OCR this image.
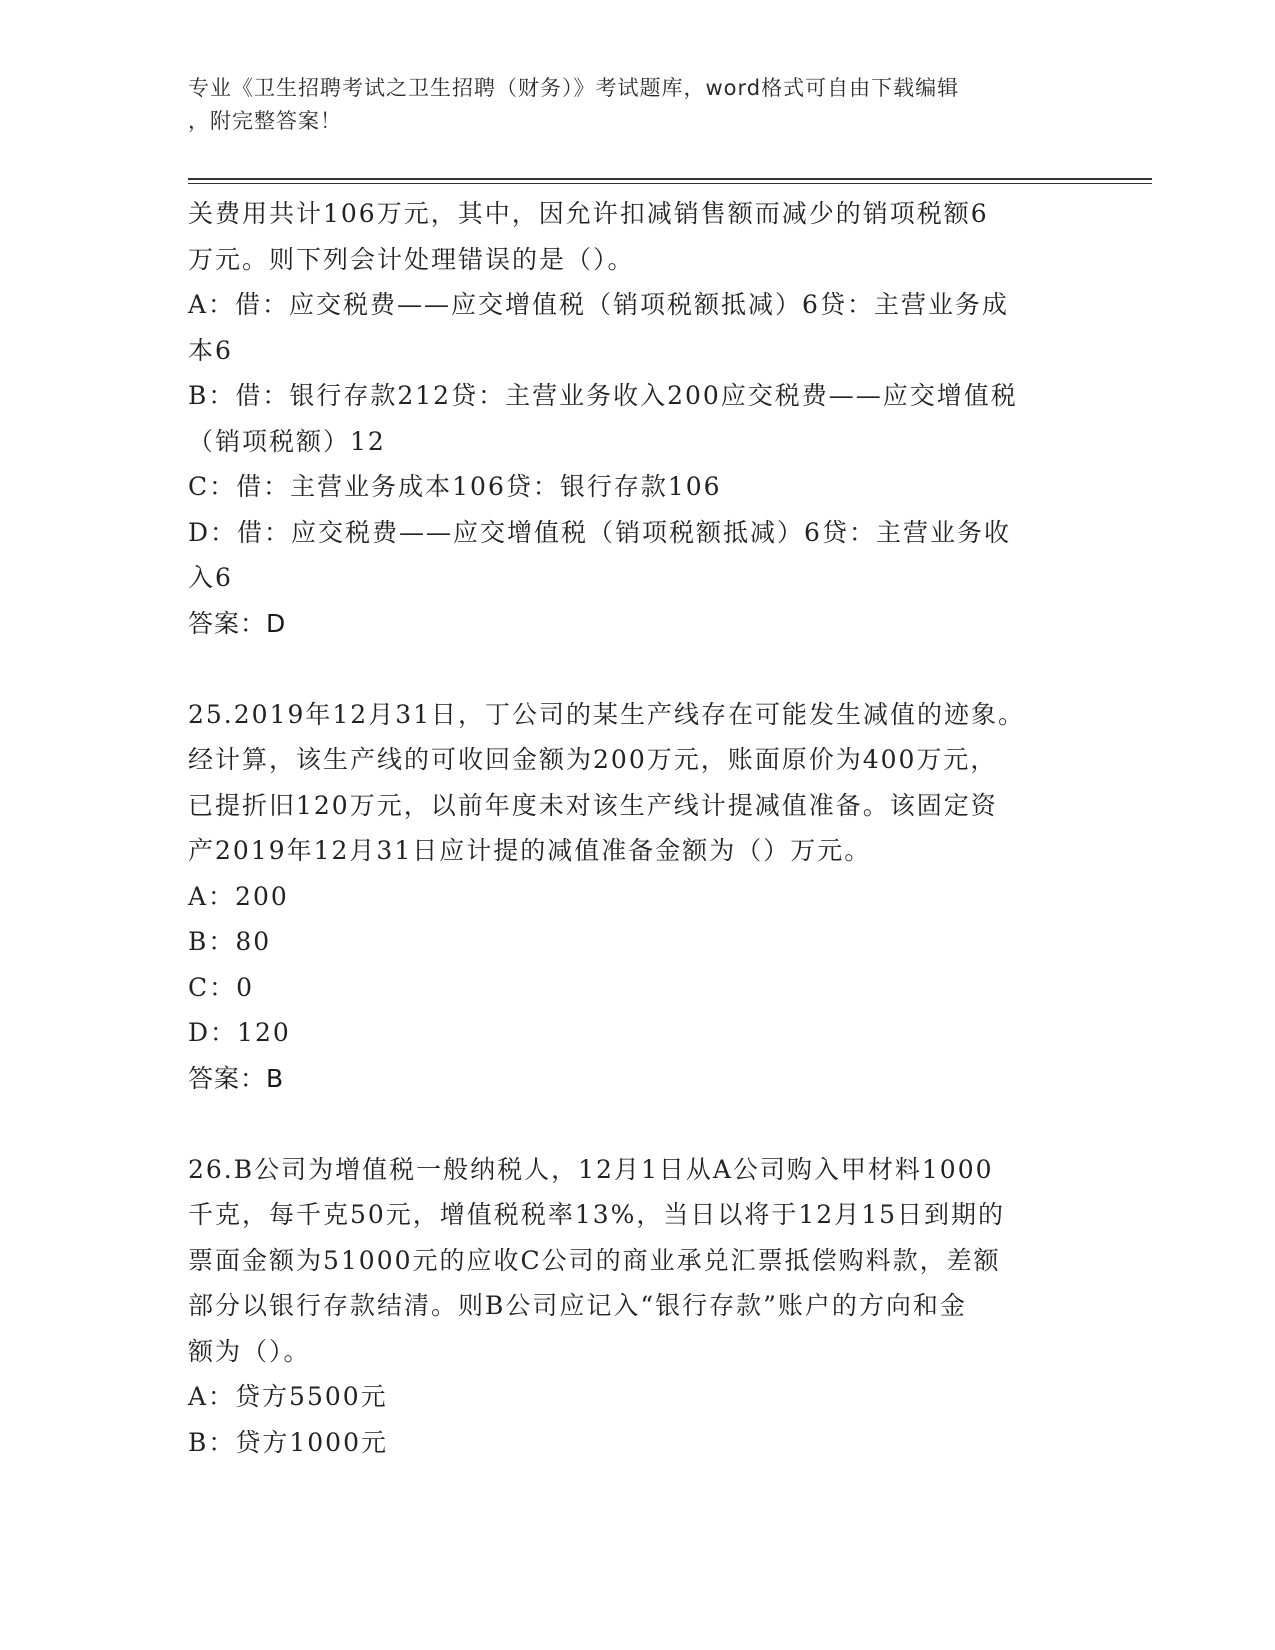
专业《卫生招聘考试之卫生招聘（财务）》考试题库，word格式可自由下载编辑
，附完整答案！
关费用共计106万元，其中，因允许扣减销售额而减少的销项税额6
万元。则下列会计处理错误的是（）。
A：借：应交税费——应交增值税（销项税额抵减）6贷：主营业务成
本6
B：借：银行存款212贷：主营业务收入200应交税费——应交增值税
（销项税额）12
C：借：主营业务成本106贷：银行存款106
D：借：应交税费——应交增值税（销项税额抵减）6贷：主营业务收
入6
答案：D
25.2019年12月31日，丁公司的某生产线存在可能发生减值的迹象。
经计算，该生产线的可收回金额为200万元，账面原价为400万元，
已提折旧120万元，以前年度未对该生产线计提减值准备。该固定资
产2019年12月31日应计提的减值准备金额为（）万元。
A：200
B：80
C：0
D：120
答案：B
26.B公司为增值税一般纳税人，12月1日从A公司购入甲材料1000
千克，每千克50元，增值税税率13%，当日以将于12月15日到期的
票面金额为51000元的应收C公司的商业承兑汇票抵偿购料款，差额
部分以银行存款结清。则B公司应记入“银行存款”账户的方向和金
额为（）。
A：贷方5500元
B：贷方1000元
